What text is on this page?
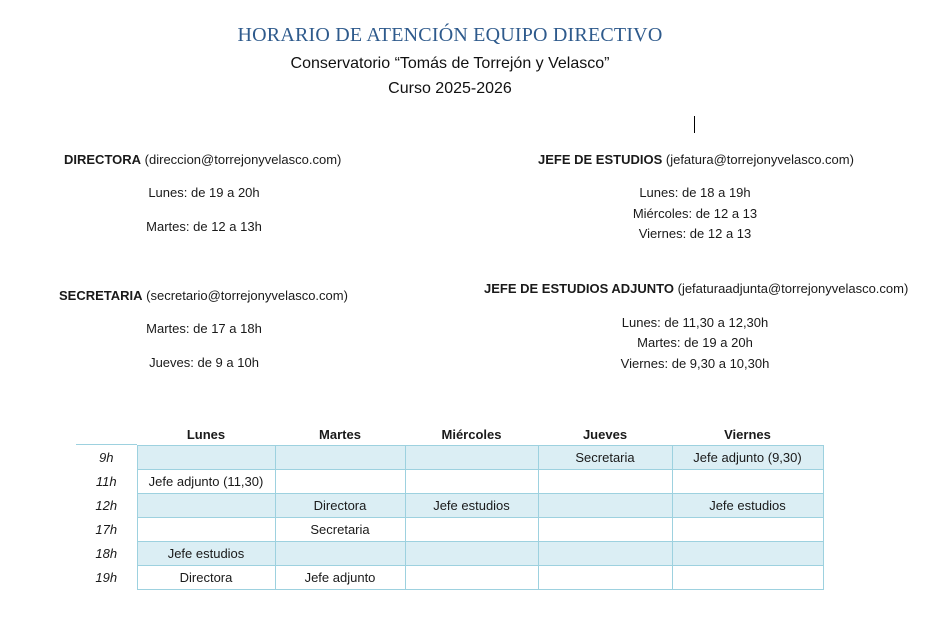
HORARIO DE ATENCIÓN EQUIPO DIRECTIVO
Conservatorio “Tomás de Torrejón y Velasco”
Curso 2025-2026
DIRECTORA (direccion@torrejonyvelasco.com)
Lunes: de 19 a 20h
Martes: de 12 a 13h
JEFE DE ESTUDIOS (jefatura@torrejonyvelasco.com)
Lunes: de 18 a 19h
Miércoles: de 12 a 13
Viernes: de 12 a 13
SECRETARIA (secretario@torrejonyvelasco.com)
Martes: de 17 a 18h
Jueves: de 9 a 10h
JEFE DE ESTUDIOS ADJUNTO (jefaturaadjunta@torrejonyvelasco.com)
Lunes: de 11,30 a 12,30h
Martes: de 19 a 20h
Viernes: de 9,30 a 10,30h
	Lunes	Martes	Miércoles	Jueves	Viernes
9h				Secretaria	Jefe adjunto (9,30)
11h	Jefe adjunto (11,30)				
12h		Directora	Jefe estudios		Jefe estudios
17h		Secretaria			
18h	Jefe estudios				
19h	Directora	Jefe adjunto			
